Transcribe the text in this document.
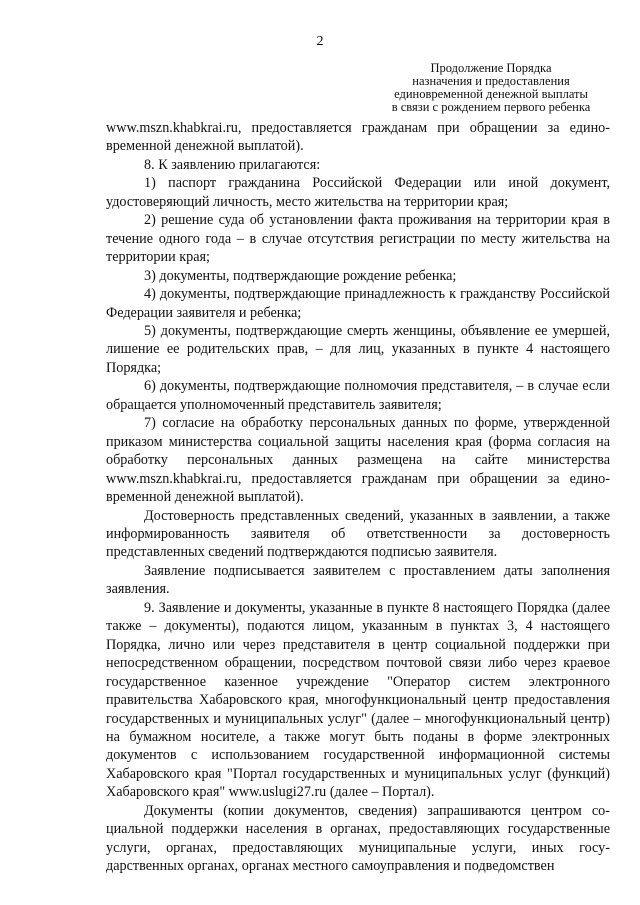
2
Продолжение Порядка
назначения и предоставления
единовременной денежной выплаты
в связи с рождением первого ребенка

www.mszn.khabkrai.ru, предоставляется гражданам при обращении за единовременной денежной выплатой).

8. К заявлению прилагаются:

1) паспорт гражданина Российской Федерации или иной документ, удостоверяющий личность, место жительства на территории края;

2) решение суда об установлении факта проживания на территории края в течение одного года – в случае отсутствия регистрации по месту жительства на территории края;

3) документы, подтверждающие рождение ребенка;

4) документы, подтверждающие принадлежность к гражданству Российской Федерации заявителя и ребенка;

5) документы, подтверждающие смерть женщины, объявление ее умершей, лишение ее родительских прав, – для лиц, указанных в пункте 4 настоящего Порядка;

6) документы, подтверждающие полномочия представителя, – в случае если обращается уполномоченный представитель заявителя;

7) согласие на обработку персональных данных по форме, утвержденной приказом министерства социальной защиты населения края (форма согласия на обработку персональных данных размещена на сайте министерства www.mszn.khabkrai.ru, предоставляется гражданам при обращении за единовременной денежной выплатой).

Достоверность представленных сведений, указанных в заявлении, а также информированность заявителя об ответственности за достоверность представленных сведений подтверждаются подписью заявителя.

Заявление подписывается заявителем с проставлением даты заполнения заявления.

9. Заявление и документы, указанные в пункте 8 настоящего Порядка (далее также – документы), подаются лицом, указанным в пунктах 3, 4 настоящего Порядка, лично или через представителя в центр социальной поддержки при непосредственном обращении, посредством почтовой связи либо через краевое государственное казенное учреждение "Оператор систем электронного правительства Хабаровского края, многофункциональный центр предоставления государственных и муниципальных услуг" (далее – многофункциональный центр) на бумажном носителе, а также могут быть поданы в форме электронных документов с использованием государственной информационной системы Хабаровского края "Портал государственных и муниципальных услуг (функций) Хабаровского края" www.uslugi27.ru (далее – Портал).

Документы (копии документов, сведения) запрашиваются центром социальной поддержки населения в органах, предоставляющих государственные услуги, органах, предоставляющих муниципальные услуги, иных государственных органах, органах местного самоуправления и подведомствен
